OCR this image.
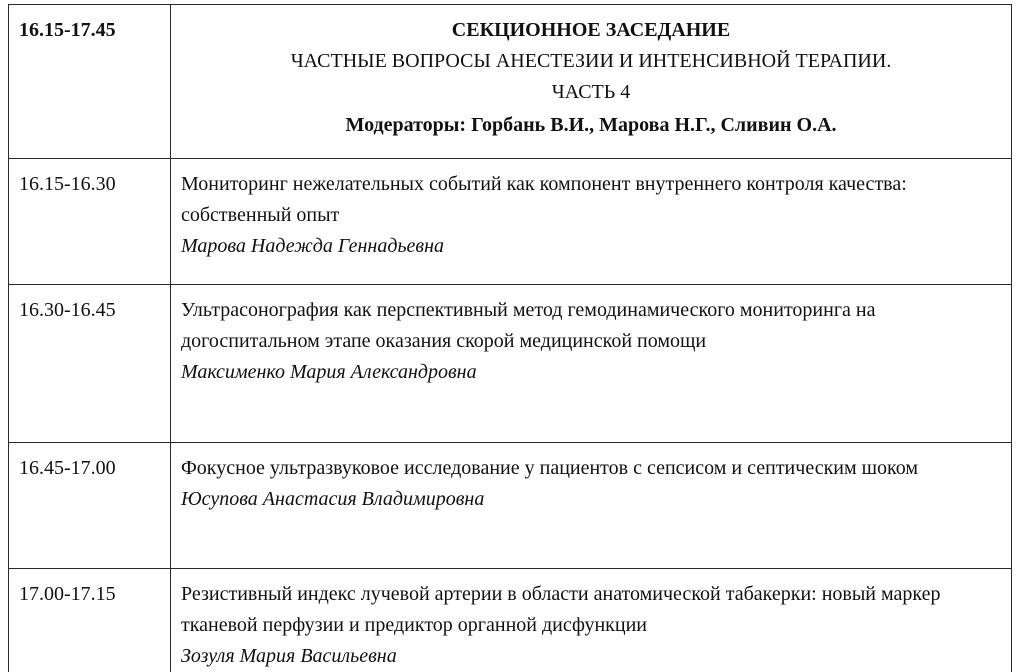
16.15-17.45	СЕКЦИОННОЕ ЗАСЕДАНИЕ
ЧАСТНЫЕ ВОПРОСЫ АНЕСТЕЗИИ И ИНТЕНСИВНОЙ ТЕРАПИИ.
ЧАСТЬ 4
Модераторы: Горбань В.И., Марова Н.Г., Сливин О.А.

16.15-16.30	Мониторинг нежелательных событий как компонент внутреннего контроля качества: собственный опыт
Марова Надежда Геннадьевна

16.30-16.45	Ультрасонография как перспективный метод гемодинамического мониторинга на догоспитальном этапе оказания скорой медицинской помощи
Максименко Мария Александровна

16.45-17.00	Фокусное ультразвуковое исследование у пациентов с сепсисом и септическим шоком
Юсупова Анастасия Владимировна

17.00-17.15	Резистивный индекс лучевой артерии в области анатомической табакерки: новый маркер тканевой перфузии и предиктор органной дисфункции
Зозуля Мария Васильевна
